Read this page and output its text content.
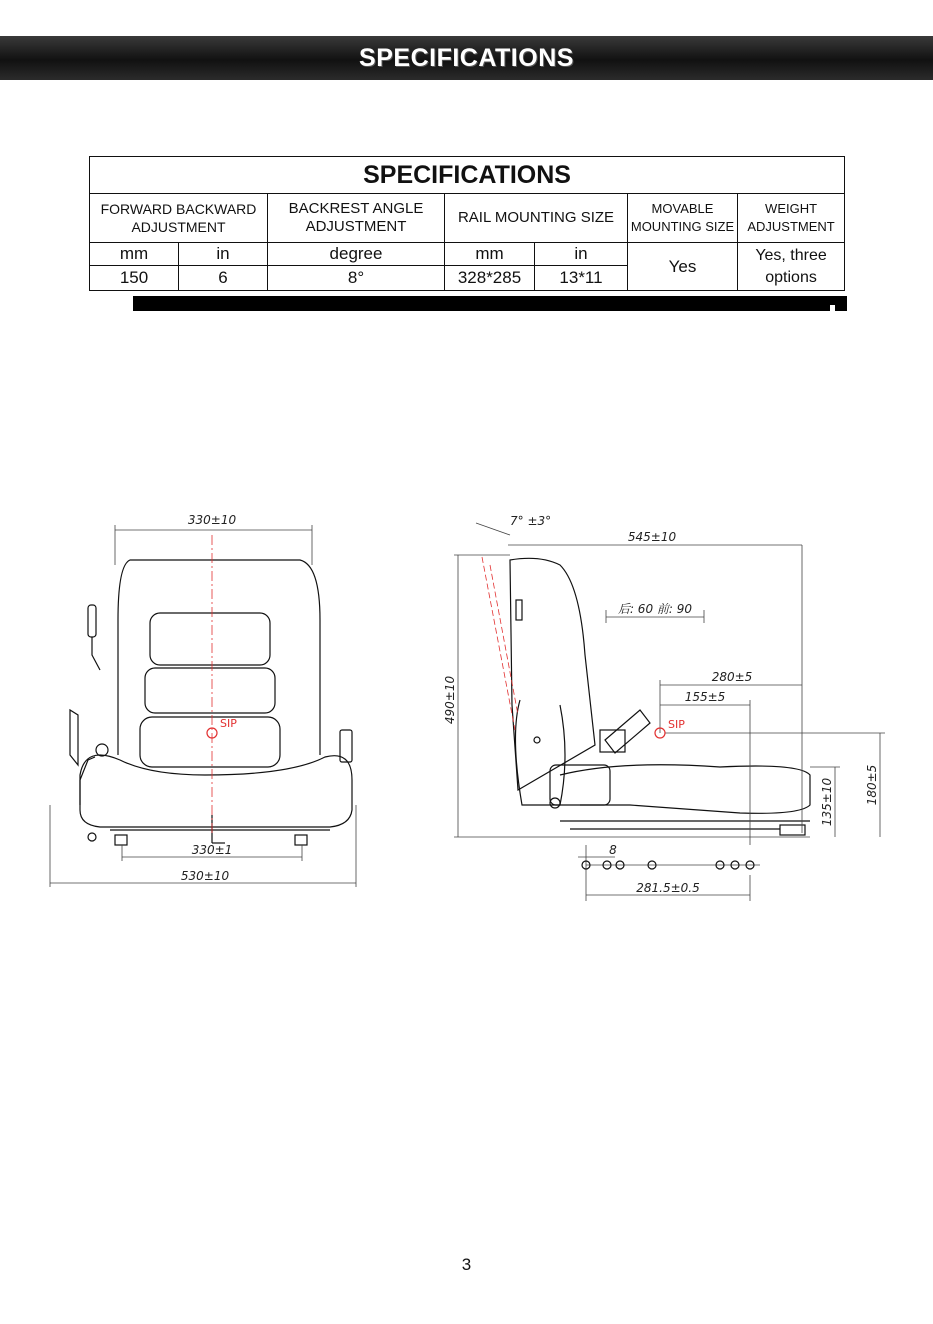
SPECIFICATIONS
SPECIFICATIONS						
FORWARD BACKWARD ADJUSTMENT		BACKREST ANGLE ADJUSTMENT	RAIL MOUNTING SIZE		MOVABLE MOUNTING SIZE	WEIGHT ADJUSTMENT
mm	in	degree	mm	in	Yes	Yes, three options
150	6	8°	328*285	13*11		
330±10
330±1
530±10
SIP
7° ±3°
545±10
后: 60 前: 90
280±5
155±5
490±10
135±10	180±5
8
281.5±0.5
SIP
3
